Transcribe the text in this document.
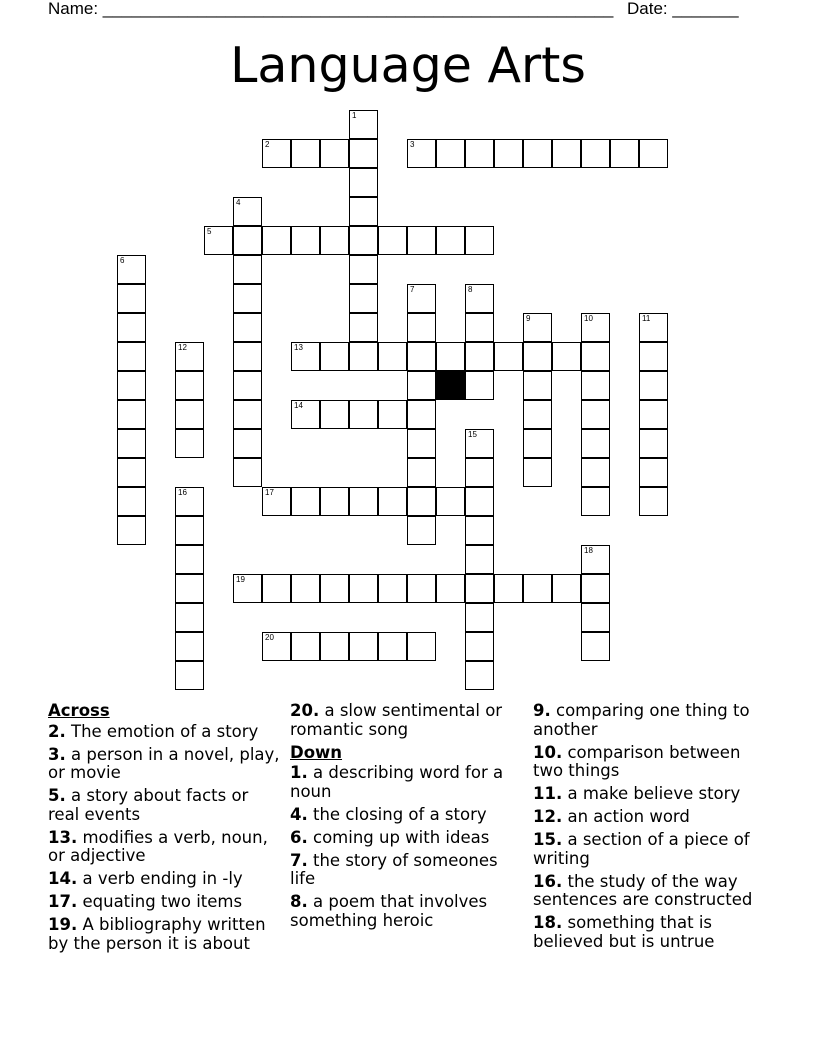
Name: ______________________________________________________ Date: _______
Language Arts
1
2	3
4
5
6
7	8
9	10	11
12	13
14
15
16	17
18
19
20
Across
2. The emotion of a story
3. a person in a novel, play, or movie
5. a story about facts or real events
13. modifies a verb, noun, or adjective
14. a verb ending in -ly
17. equating two items
19. A bibliography written by the person it is about
20. a slow sentimental or romantic song
Down
1. a describing word for a noun
4. the closing of a story
6. coming up with ideas
7. the story of someones life
8. a poem that involves something heroic
9. comparing one thing to another
10. comparison between two things
11. a make believe story
12. an action word
15. a section of a piece of writing
16. the study of the way sentences are constructed
18. something that is believed but is untrue
